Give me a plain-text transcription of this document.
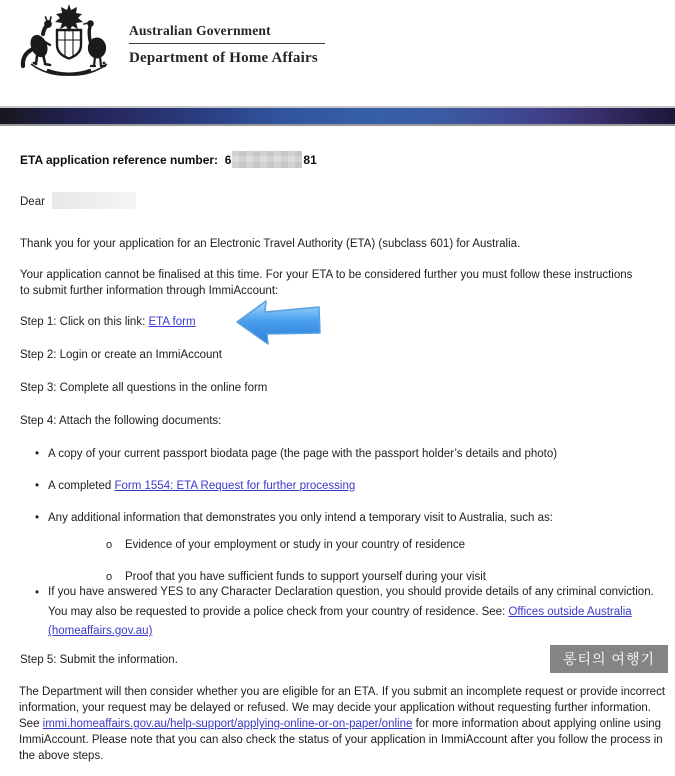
Australian Government
Department of Home Affairs
ETA application reference number: 6	81
Dear
Thank you for your application for an Electronic Travel Authority (ETA) (subclass 601) for Australia.
Your application cannot be finalised at this time. For your ETA to be considered further you must follow these instructions to submit further information through ImmiAccount:
Step 1: Click on this link: ETA form
Step 2: Login or create an ImmiAccount
Step 3: Complete all questions in the online form
Step 4: Attach the following documents:
• A copy of your current passport biodata page (the page with the passport holder’s details and photo)
• A completed Form 1554: ETA Request for further processing
• Any additional information that demonstrates you only intend a temporary visit to Australia, such as:
o	Evidence of your employment or study in your country of residence
o	Proof that you have sufficient funds to support yourself during your visit
• If you have answered YES to any Character Declaration question, you should provide details of any criminal conviction. You may also be requested to provide a police check from your country of residence. See: Offices outside Australia (homeaffairs.gov.au)
Step 5: Submit the information.	롱티의 여행기
The Department will then consider whether you are eligible for an ETA. If you submit an incomplete request or provide incorrect information, your request may be delayed or refused. We may decide your application without requesting further information. See immi.homeaffairs.gov.au/help-support/applying-online-or-on-paper/online for more information about applying online using ImmiAccount. Please note that you can also check the status of your application in ImmiAccount after you follow the process in the above steps.
